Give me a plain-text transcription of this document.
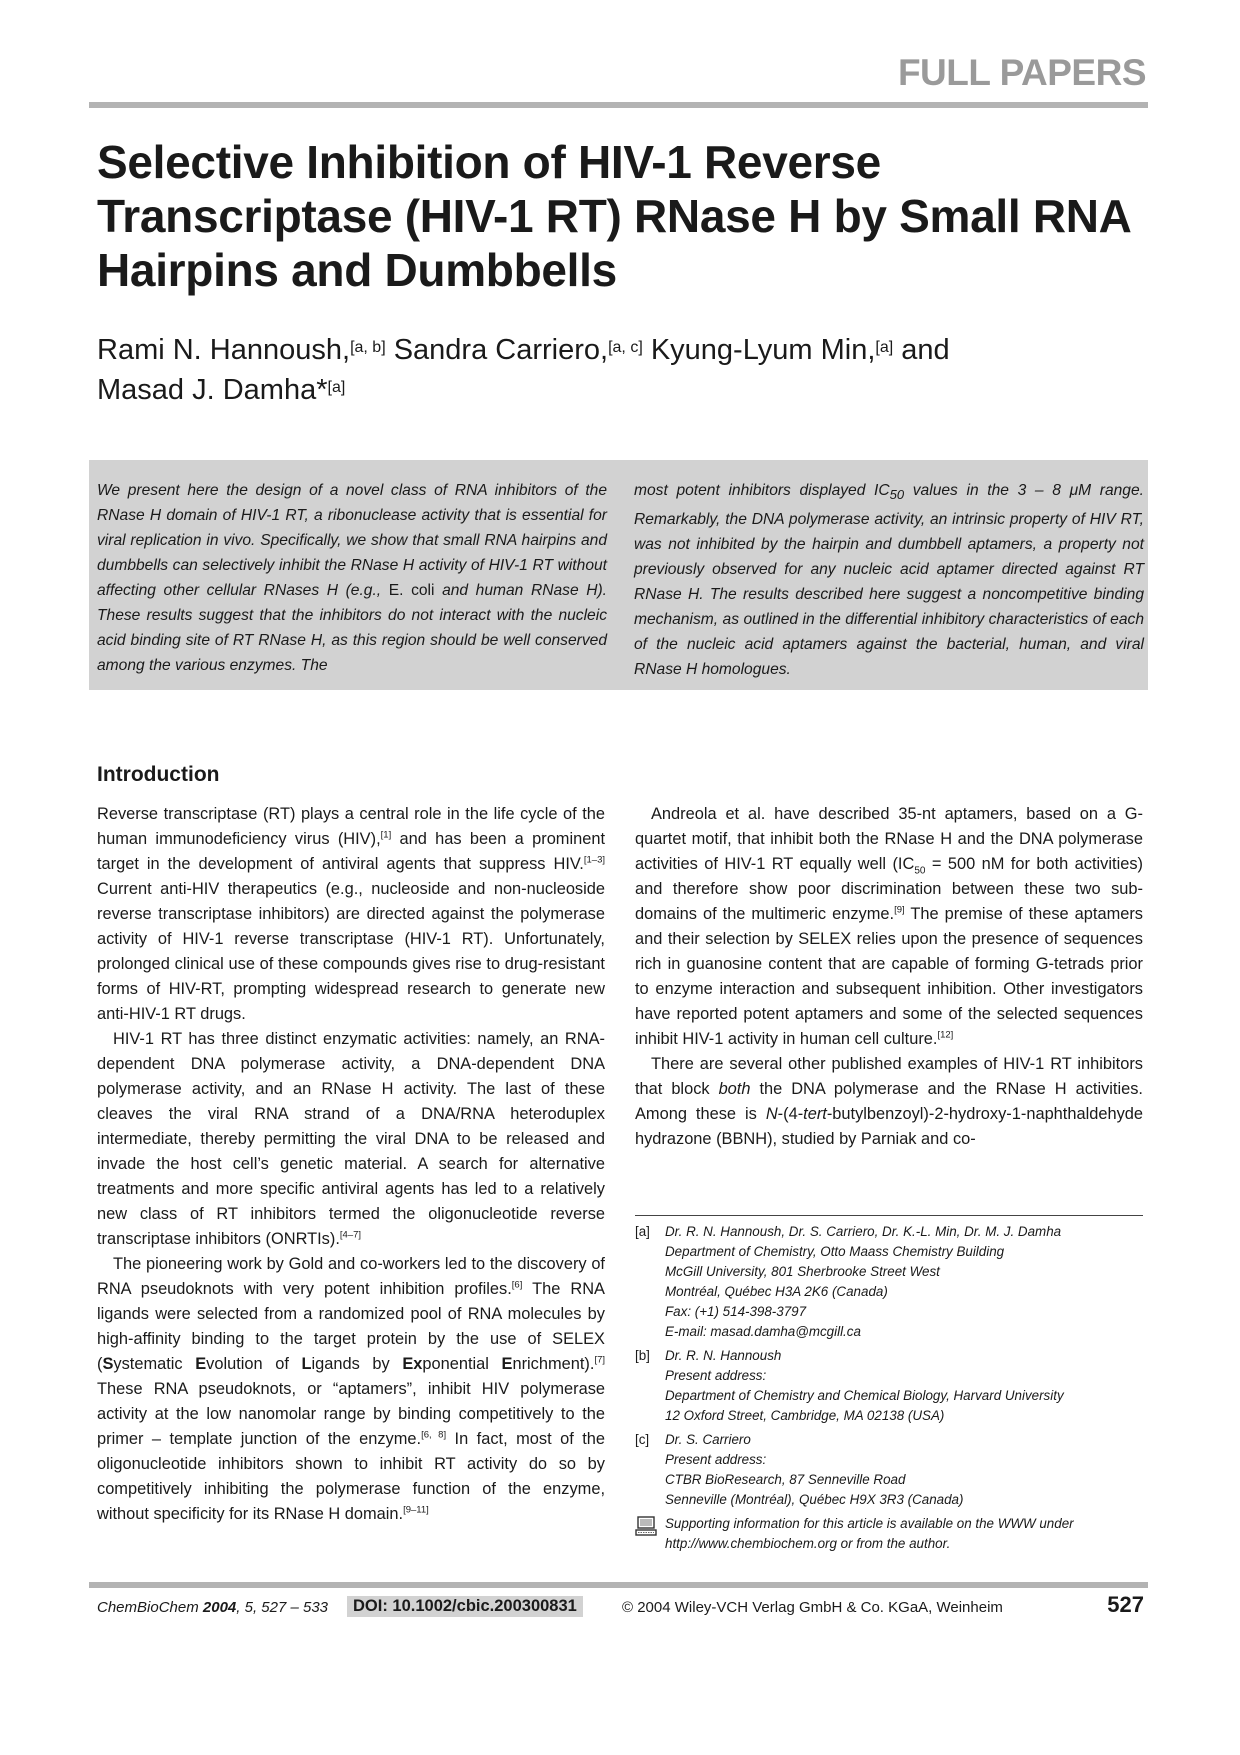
FULL PAPERS
Selective Inhibition of HIV-1 Reverse Transcriptase (HIV-1 RT) RNase H by Small RNA Hairpins and Dumbbells

Rami N. Hannoush,[a, b] Sandra Carriero,[a, c] Kyung-Lyum Min,[a] and
Masad J. Damha*[a]

We present here the design of a novel class of RNA inhibitors of the RNase H domain of HIV-1 RT, a ribonuclease activity that is essential for viral replication in vivo. Specifically, we show that small RNA hairpins and dumbbells can selectively inhibit the RNase H activity of HIV-1 RT without affecting other cellular RNases H (e.g., E. coli and human RNase H). These results suggest that the inhibitors do not interact with the nucleic acid binding site of RT RNase H, as this region should be well conserved among the various enzymes. The

most potent inhibitors displayed $IC_{50}$ values in the 3 – 8 μM range. Remarkably, the DNA polymerase activity, an intrinsic property of HIV RT, was not inhibited by the hairpin and dumbbell aptamers, a property not previously observed for any nucleic acid aptamer directed against RT RNase H. The results described here suggest a noncompetitive binding mechanism, as outlined in the differential inhibitory characteristics of each of the nucleic acid aptamers against the bacterial, human, and viral RNase H homologues.

Introduction

Reverse transcriptase (RT) plays a central role in the life cycle of the human immunodeficiency virus (HIV),[1] and has been a prominent target in the development of antiviral agents that suppress HIV.[1–3] Current anti-HIV therapeutics (e.g., nucleoside and non-nucleoside reverse transcriptase inhibitors) are directed against the polymerase activity of HIV-1 reverse transcriptase (HIV-1 RT). Unfortunately, prolonged clinical use of these compounds gives rise to drug-resistant forms of HIV-RT, prompting widespread research to generate new anti-HIV-1 RT drugs.

HIV-1 RT has three distinct enzymatic activities: namely, an RNA-dependent DNA polymerase activity, a DNA-dependent DNA polymerase activity, and an RNase H activity. The last of these cleaves the viral RNA strand of a DNA/RNA heteroduplex intermediate, thereby permitting the viral DNA to be released and invade the host cell’s genetic material. A search for alternative treatments and more specific antiviral agents has led to a relatively new class of RT inhibitors termed the oligonucleotide reverse transcriptase inhibitors (ONRTIs).[4–7]

The pioneering work by Gold and co-workers led to the discovery of RNA pseudoknots with very potent inhibition profiles.[6] The RNA ligands were selected from a randomized pool of RNA molecules by high-affinity binding to the target protein by the use of SELEX (Systematic Evolution of Ligands by Exponential Enrichment).[7] These RNA pseudoknots, or “aptamers”, inhibit HIV polymerase activity at the low nanomolar range by binding competitively to the primer – template junction of the enzyme.[6, 8] In fact, most of the oligonucleotide inhibitors shown to inhibit RT activity do so by competitively inhibiting the polymerase function of the enzyme, without specificity for its RNase H domain.[9–11]

Andreola et al. have described 35-nt aptamers, based on a G-quartet motif, that inhibit both the RNase H and the DNA polymerase activities of HIV-1 RT equally well ($IC_{50} = 500$ nM for both activities) and therefore show poor discrimination between these two sub-domains of the multimeric enzyme.[9] The premise of these aptamers and their selection by SELEX relies upon the presence of sequences rich in guanosine content that are capable of forming G-tetrads prior to enzyme interaction and subsequent inhibition. Other investigators have reported potent aptamers and some of the selected sequences inhibit HIV-1 activity in human cell culture.[12]

There are several other published examples of HIV-1 RT inhibitors that block both the DNA polymerase and the RNase H activities. Among these is N-(4-tert-butylbenzoyl)-2-hydroxy-1-naphthaldehyde hydrazone (BBNH), studied by Parniak and co-

[a] Dr. R. N. Hannoush, Dr. S. Carriero, Dr. K.-L. Min, Dr. M. J. Damha
Department of Chemistry, Otto Maass Chemistry Building
McGill University, 801 Sherbrooke Street West
Montréal, Québec H3A 2K6 (Canada)
Fax: (+1) 514-398-3797
E-mail: masad.damha@mcgill.ca
[b] Dr. R. N. Hannoush
Present address:
Department of Chemistry and Chemical Biology, Harvard University
12 Oxford Street, Cambridge, MA 02138 (USA)
[c] Dr. S. Carriero
Present address:
CTBR BioResearch, 87 Senneville Road
Senneville (Montréal), Québec H9X 3R3 (Canada)
Supporting information for this article is available on the WWW under http://www.chembiochem.org or from the author.
ChemBioChem 2004, 5, 527 – 533	DOI: 10.1002/cbic.200300831	© 2004 Wiley-VCH Verlag GmbH & Co. KGaA, Weinheim	527
